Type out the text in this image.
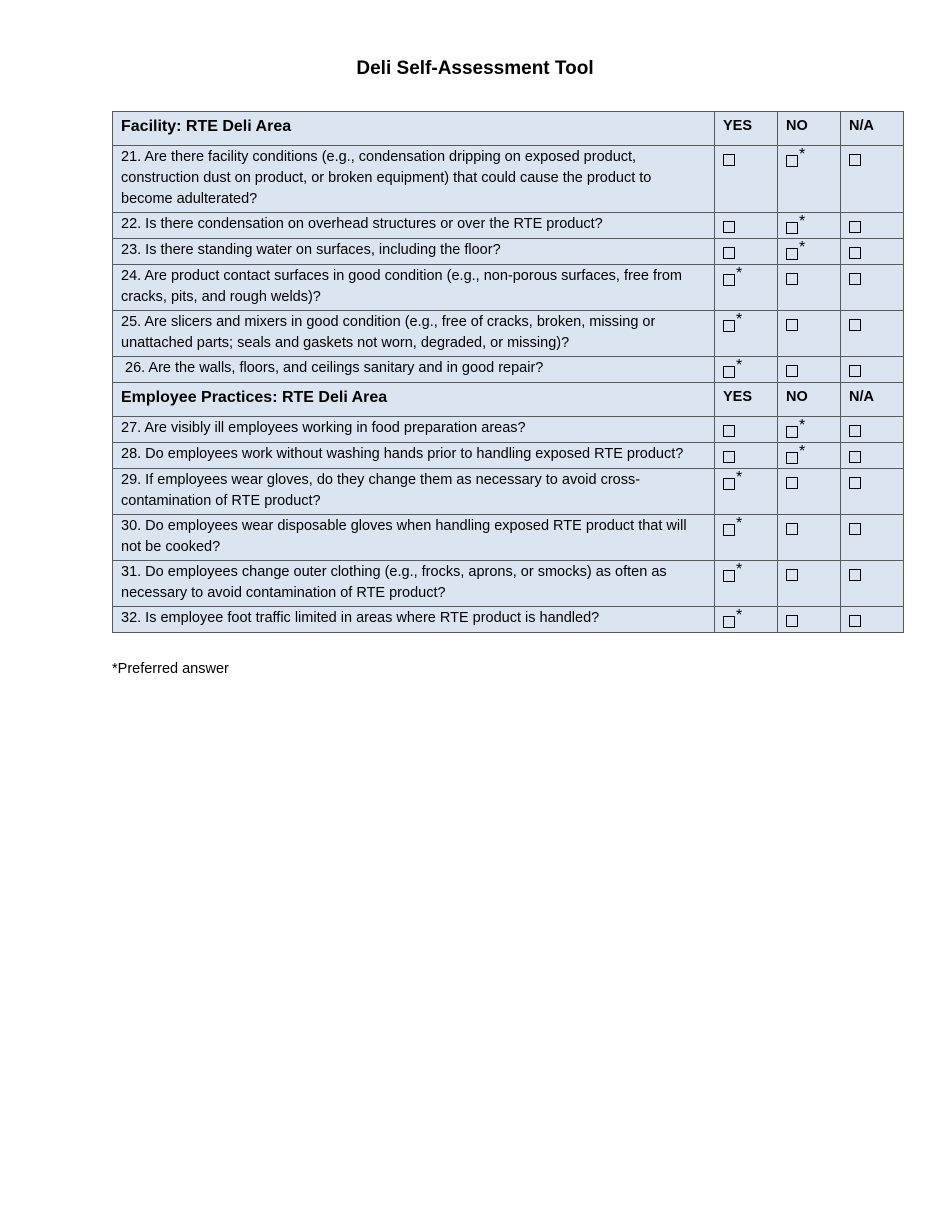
Deli Self-Assessment Tool
Facility: RTE Deli Area	YES	NO	N/A
21. Are there facility conditions (e.g., condensation dripping on exposed product, construction dust on product, or broken equipment) that could cause the product to become adulterated?		*	
22. Is there condensation on overhead structures or over the RTE product?		*	
23. Is there standing water on surfaces, including the floor?		*	
24. Are product contact surfaces in good condition (e.g., non-porous surfaces, free from cracks, pits, and rough welds)?	*		
25. Are slicers and mixers in good condition (e.g., free of cracks, broken, missing or unattached parts; seals and gaskets not worn, degraded, or missing)?	*		
26. Are the walls, floors, and ceilings sanitary and in good repair?	*		
Employee Practices: RTE Deli Area	YES	NO	N/A
27. Are visibly ill employees working in food preparation areas?		*	
28. Do employees work without washing hands prior to handling exposed RTE product?		*	
29. If employees wear gloves, do they change them as necessary to avoid cross-contamination of RTE product?	*		
30. Do employees wear disposable gloves when handling exposed RTE product that will not be cooked?	*		
31. Do employees change outer clothing (e.g., frocks, aprons, or smocks) as often as necessary to avoid contamination of RTE product?	*		
32. Is employee foot traffic limited in areas where RTE product is handled?	*		
*Preferred answer
